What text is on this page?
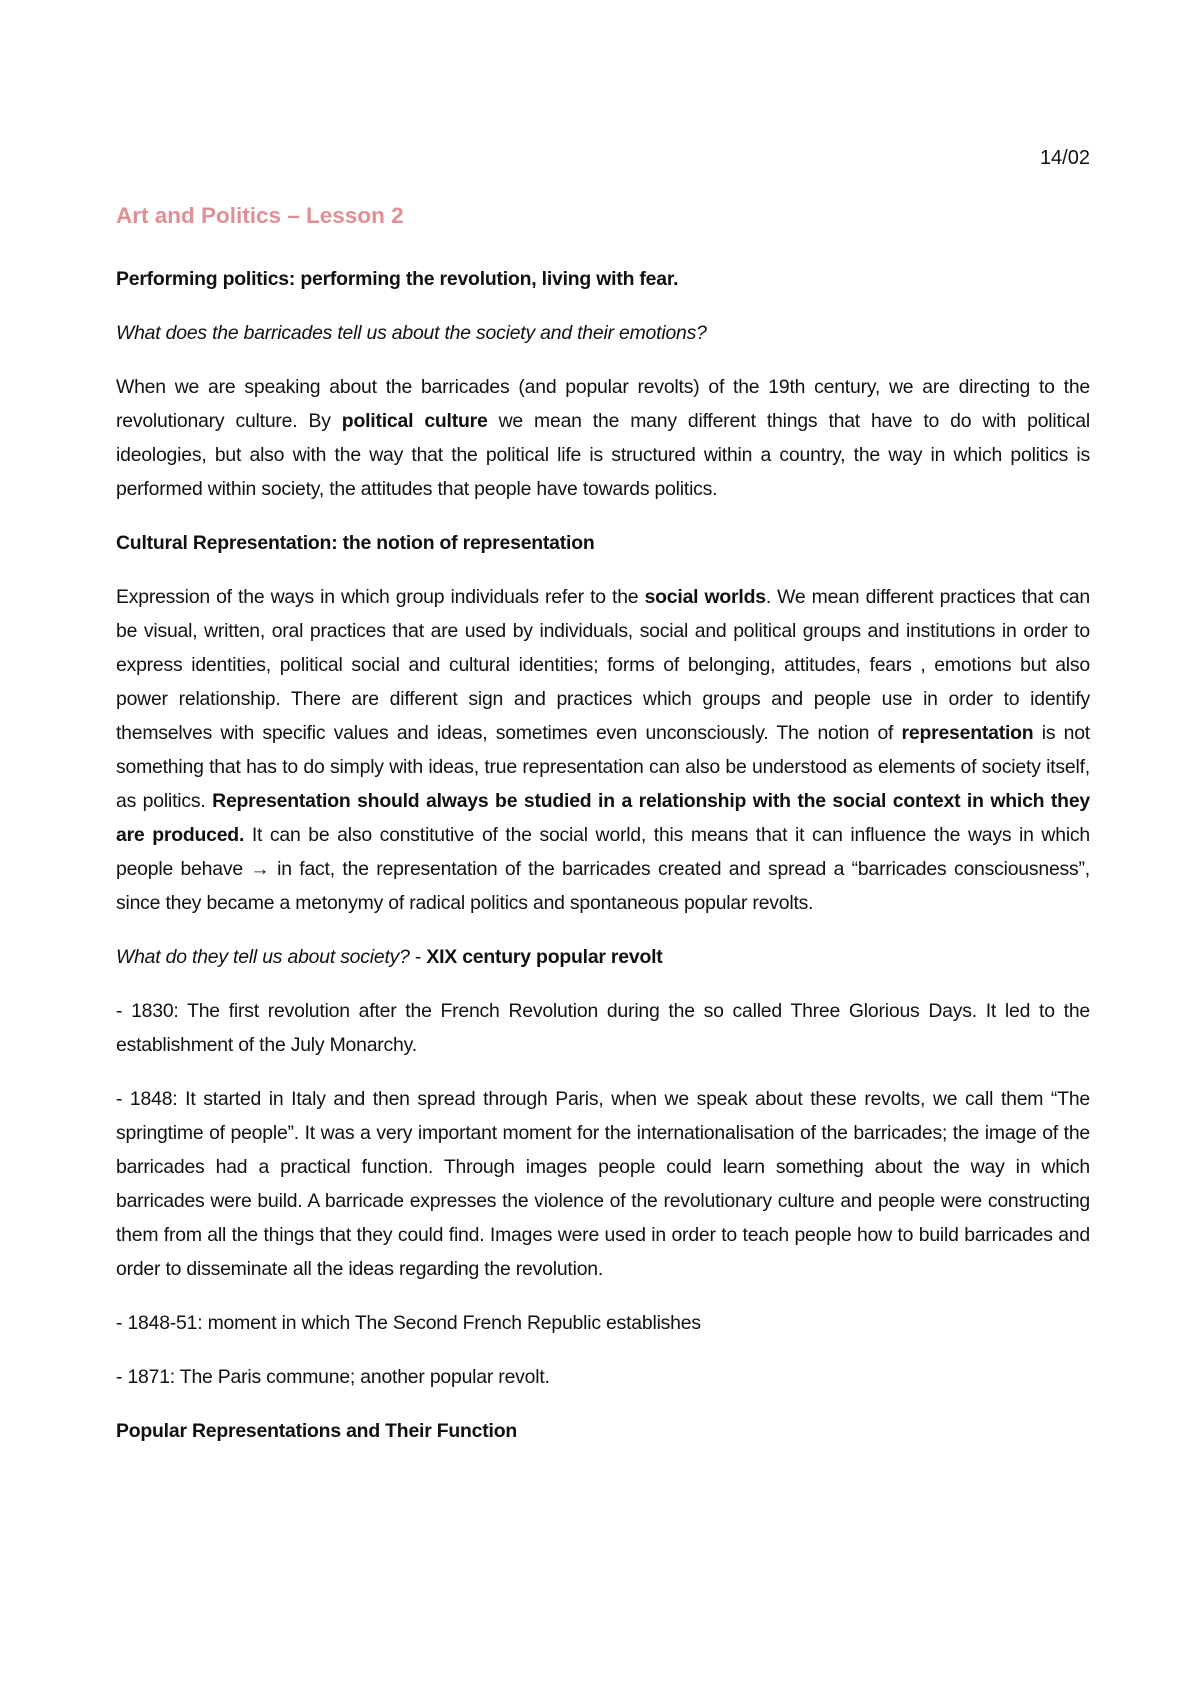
14/02
Art and Politics – Lesson 2

Performing politics: performing the revolution, living with fear.

What does the barricades tell us about the society and their emotions?

When we are speaking about the barricades (and popular revolts) of the 19th century, we are directing to the revolutionary culture. By political culture we mean the many different things that have to do with political ideologies, but also with the way that the political life is structured within a country, the way in which politics is performed within society, the attitudes that people have towards politics.

Cultural Representation: the notion of representation

Expression of the ways in which group individuals refer to the social worlds. We mean different practices that can be visual, written, oral practices that are used by individuals, social and political groups and institutions in order to express identities, political social and cultural identities; forms of belonging, attitudes, fears , emotions but also power relationship. There are different sign and practices which groups and people use in order to identify themselves with specific values and ideas, sometimes even unconsciously. The notion of representation is not something that has to do simply with ideas, true representation can also be understood as elements of society itself, as politics. Representation should always be studied in a relationship with the social context in which they are produced. It can be also constitutive of the social world, this means that it can influence the ways in which people behave → in fact, the representation of the barricades created and spread a “barricades consciousness”, since they became a metonymy of radical politics and spontaneous popular revolts.

What do they tell us about society? - XIX century popular revolt

- 1830: The first revolution after the French Revolution during the so called Three Glorious Days. It led to the establishment of the July Monarchy.

- 1848: It started in Italy and then spread through Paris, when we speak about these revolts, we call them “The springtime of people”. It was a very important moment for the internationalisation of the barricades; the image of the barricades had a practical function. Through images people could learn something about the way in which barricades were build. A barricade expresses the violence of the revolutionary culture and people were constructing them from all the things that they could find. Images were used in order to teach people how to build barricades and order to disseminate all the ideas regarding the revolution.

- 1848-51: moment in which The Second French Republic establishes

- 1871: The Paris commune; another popular revolt.

Popular Representations and Their Function
